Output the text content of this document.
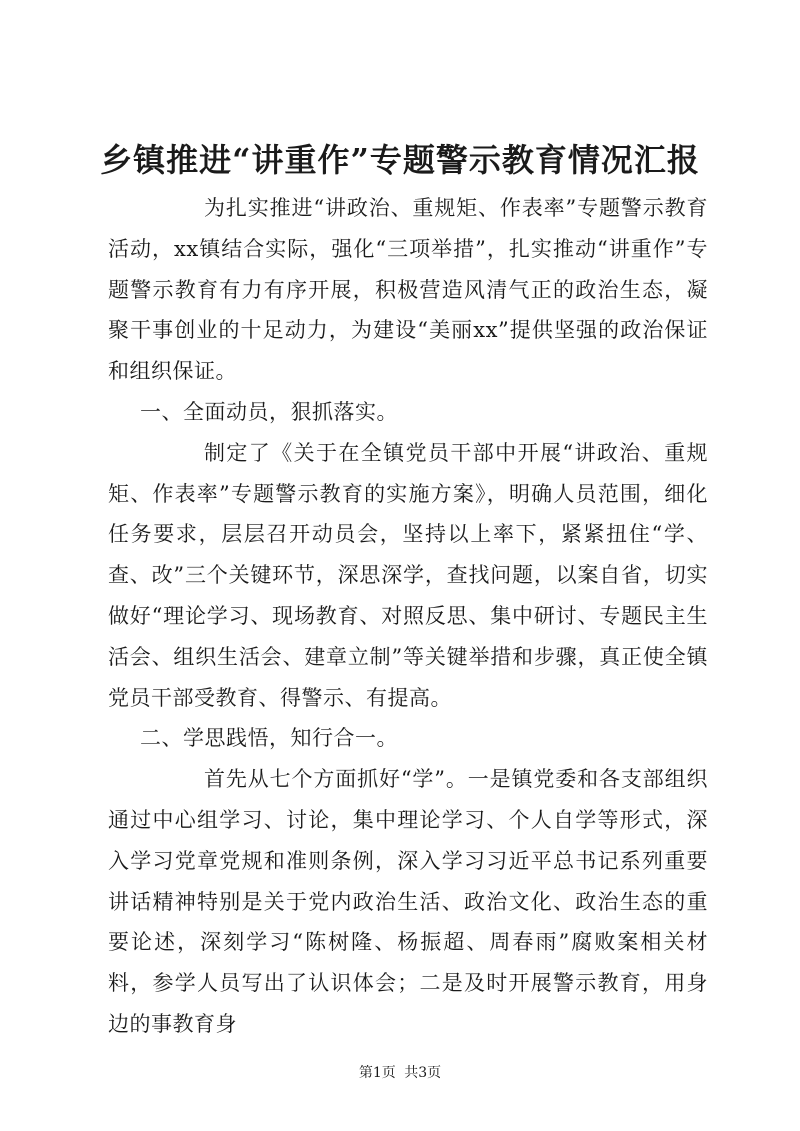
乡镇推进“讲重作”专题警示教育情况汇报

为扎实推进“讲政治、重规矩、作表率”专题警示教育活动，xx镇结合实际，强化“三项举措”，扎实推动“讲重作”专题警示教育有力有序开展，积极营造风清气正的政治生态，凝聚干事创业的十足动力，为建设“美丽xx”提供坚强的政治保证和组织保证。

一、全面动员，狠抓落实。

制定了《关于在全镇党员干部中开展“讲政治、重规矩、作表率”专题警示教育的实施方案》，明确人员范围，细化任务要求，层层召开动员会，坚持以上率下，紧紧扭住“学、查、改”三个关键环节，深思深学，查找问题，以案自省，切实做好“理论学习、现场教育、对照反思、集中研讨、专题民主生活会、组织生活会、建章立制”等关键举措和步骤，真正使全镇党员干部受教育、得警示、有提高。

二、学思践悟，知行合一。

首先从七个方面抓好“学”。一是镇党委和各支部组织通过中心组学习、讨论，集中理论学习、个人自学等形式，深入学习党章党规和准则条例，深入学习习近平总书记系列重要讲话精神特别是关于党内政治生活、政治文化、政治生态的重要论述，深刻学习“陈树隆、杨振超、周春雨”腐败案相关材料，参学人员写出了认识体会；二是及时开展警示教育，用身边的事教育身

第1页 共3页
